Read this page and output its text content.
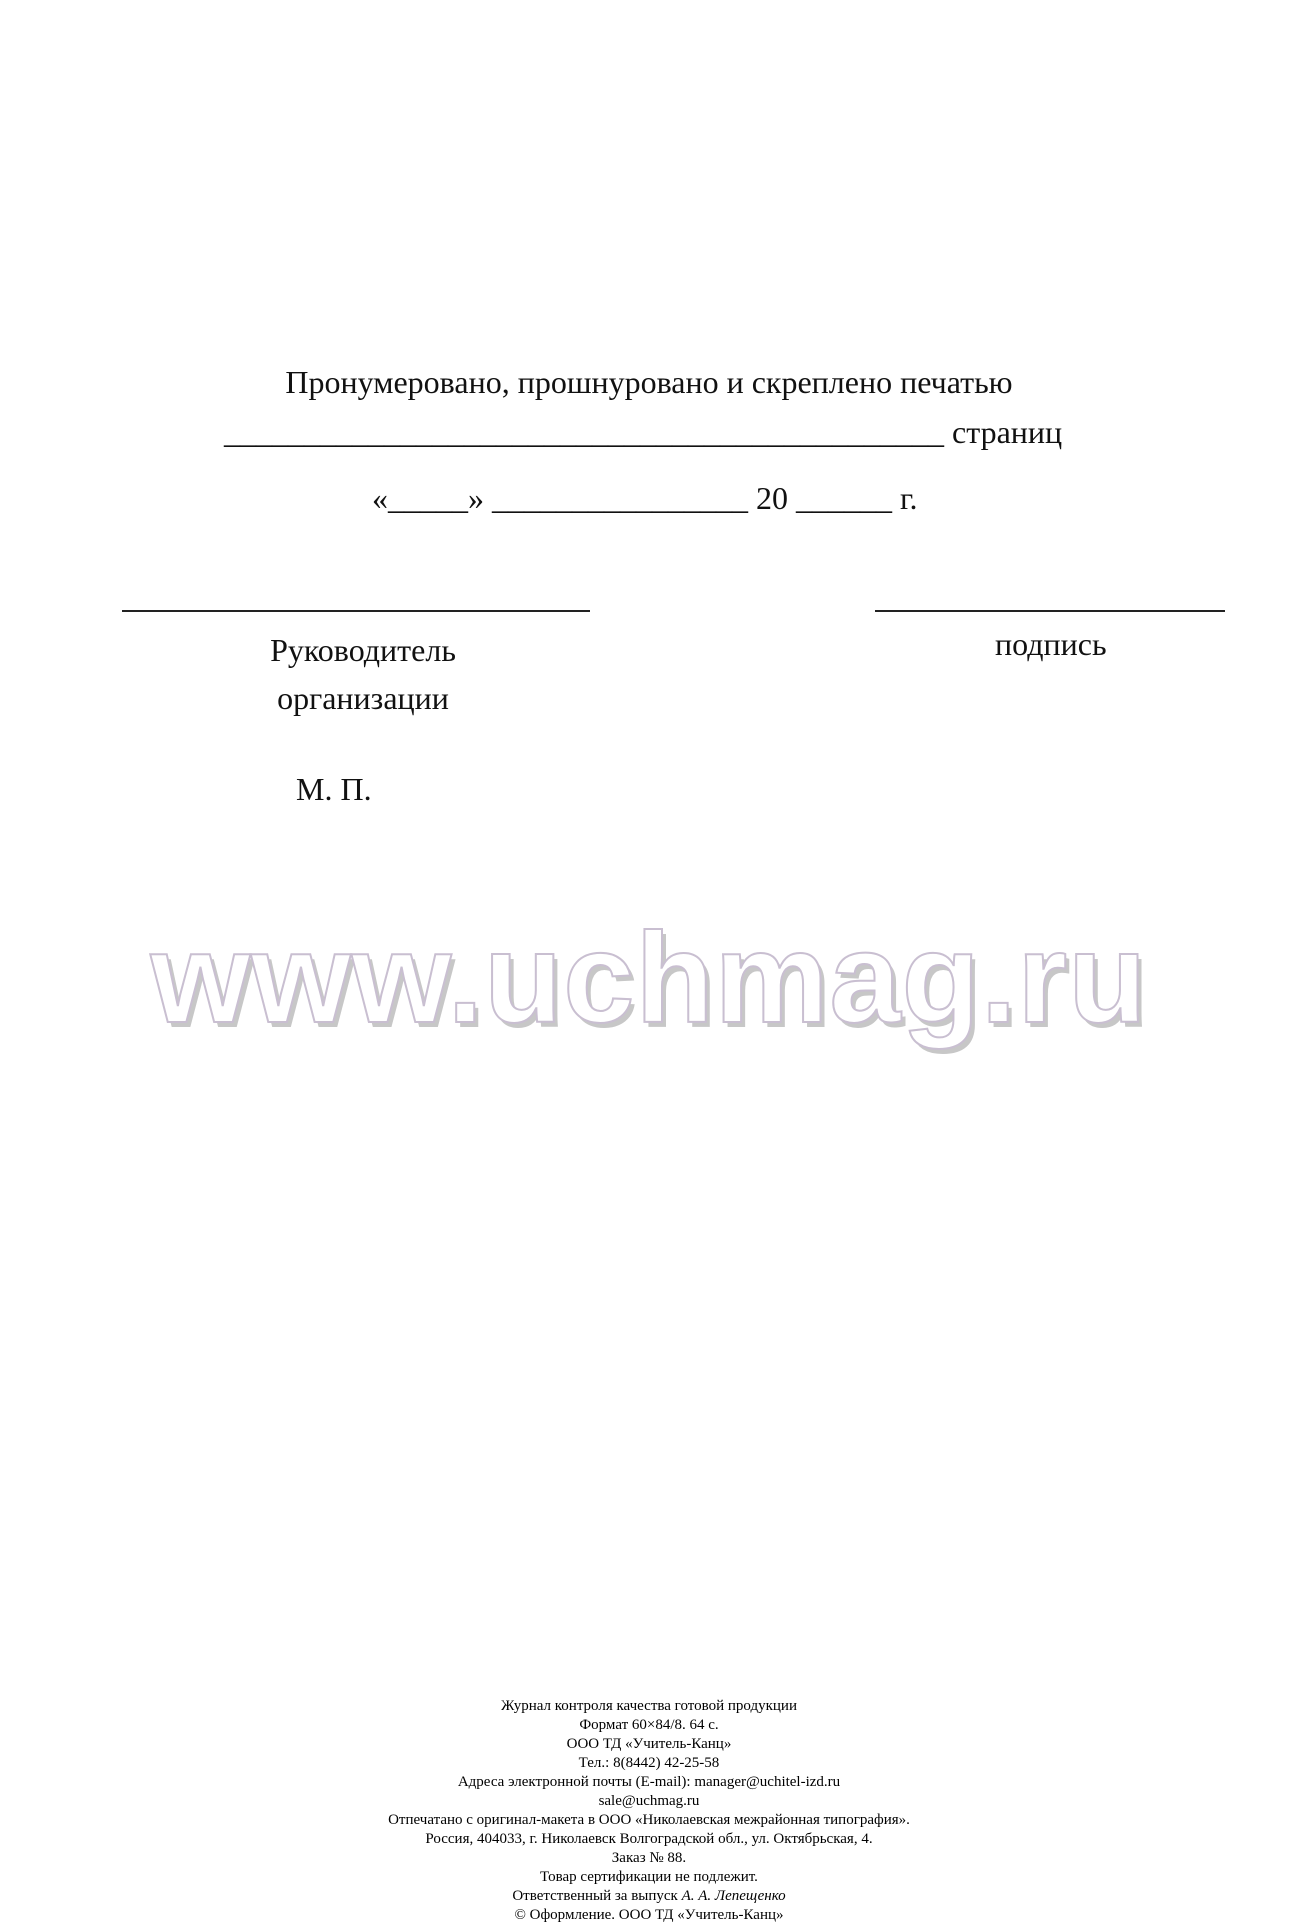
Пронумеровано, прошнуровано и скреплено печатью
_____________________________________________ страниц
«_____» ________________ 20 ______ г.
Руководитель
организации
подпись
М. П.
www.uchmag.ru
Журнал контроля качества готовой продукции
Формат 60×84/8. 64 с.
ООО ТД «Учитель-Канц»
Тел.: 8(8442) 42-25-58
Адреса электронной почты (E-mail): manager@uchitel-izd.ru
sale@uchmag.ru
Отпечатано с оригинал-макета в ООО «Николаевская межрайонная типография».
Россия, 404033, г. Николаевск Волгоградской обл., ул. Октябрьская, 4.
Заказ № 88.
Товар сертификации не подлежит.
Ответственный за выпуск А. А. Лепещенко
© Оформление. ООО ТД «Учитель-Канц»
